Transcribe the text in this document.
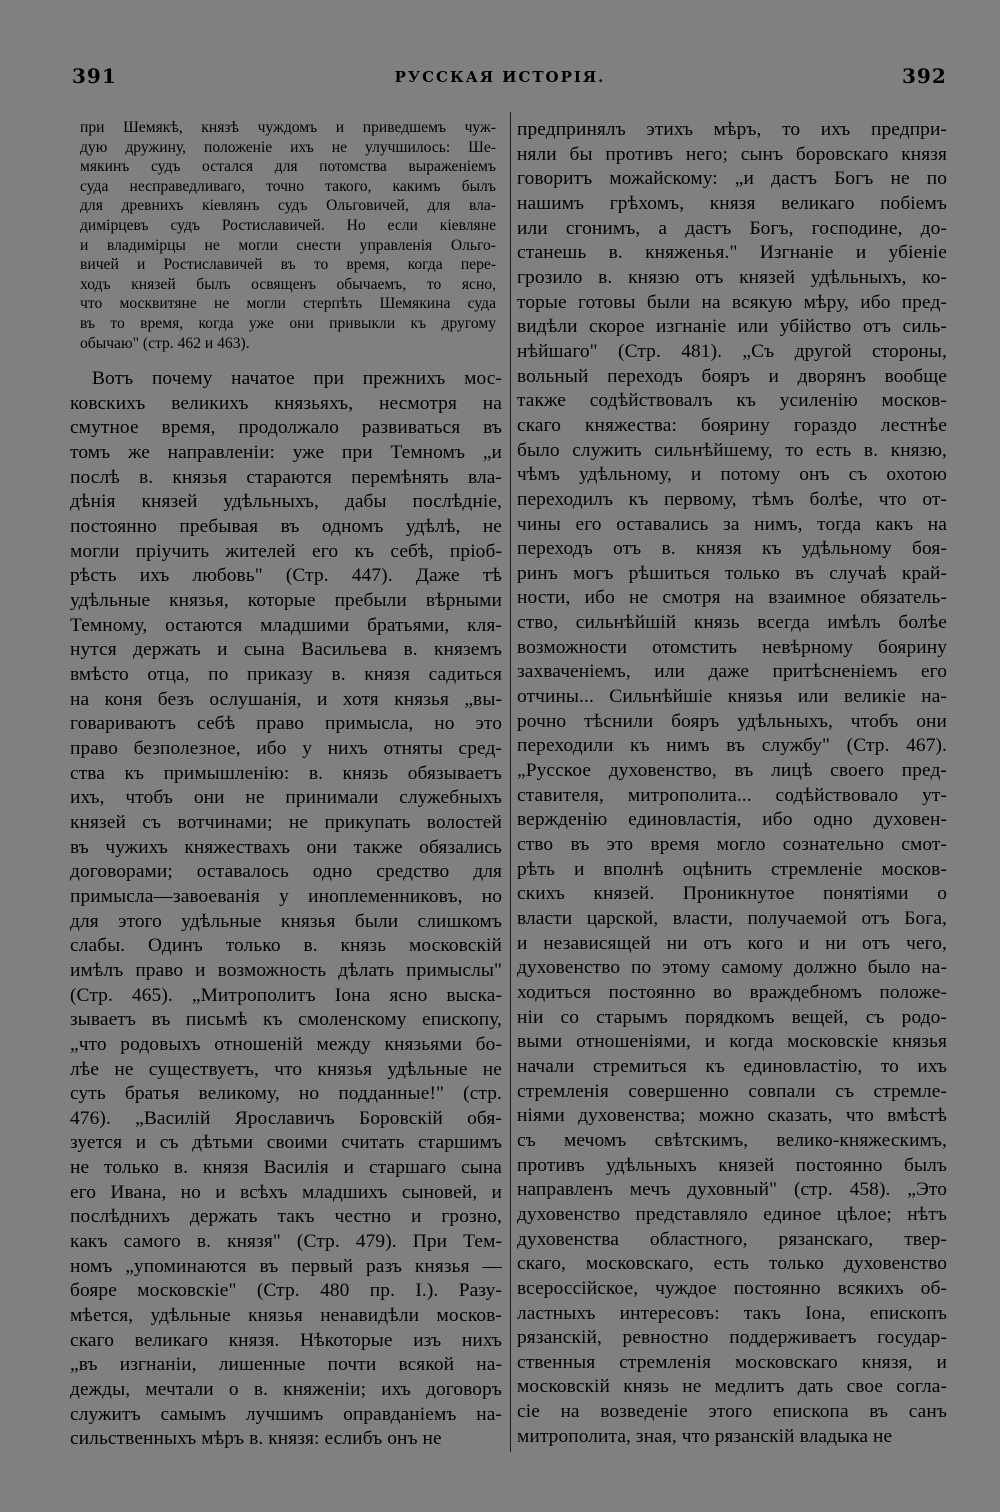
391	РУССКАЯ ИСТОРІЯ.	392
при Шемякѣ, князѣ чуждомъ и приведшемъ чуж-
дую дружину, положеніе ихъ не улучшилось: Ше-
мякинъ судъ остался для потомства выраженіемъ
суда несправедливаго, точно такого, какимъ былъ
для древнихъ кіевлянъ судъ Ольговичей, для вла-
димірцевъ судъ Ростиславичей. Но если кіевляне
и владимірцы не могли снести управленія Ольго-
вичей и Ростиславичей въ то время, когда пере-
ходъ князей былъ освященъ обычаемъ, то ясно,
что москвитяне не могли стерпѣть Шемякина суда
въ то время, когда уже они привыкли къ другому
обычаю" (стр. 462 и 463).
Вотъ почему начатое при прежнихъ мос-
ковскихъ великихъ князьяхъ, несмотря на
смутное время, продолжало развиваться въ
томъ же направленіи: уже при Темномъ „и
послѣ в. князья стараются перемѣнять вла-
дѣнія князей удѣльныхъ, дабы послѣдніе,
постоянно пребывая въ одномъ удѣлѣ, не
могли пріучить жителей его къ себѣ, пріоб-
рѣсть ихъ любовь" (Стр. 447). Даже тѣ
удѣльные князья, которые пребыли вѣрными
Темному, остаются младшими братьями, кля-
нутся держать и сына Васильева в. княземъ
вмѣсто отца, по приказу в. князя садиться
на коня безъ ослушанія, и хотя князья „вы-
говариваютъ себѣ право примысла, но это
право безполезное, ибо у нихъ отняты сред-
ства къ примышленію: в. князь обязываетъ
ихъ, чтобъ они не принимали служебныхъ
князей съ вотчинами; не прикупать волостей
въ чужихъ княжествахъ они также обязались
договорами; оставалось одно средство для
примысла—завоеванія у иноплеменниковъ, но
для этого удѣльные князья были слишкомъ
слабы. Одинъ только в. князь московскій
имѣлъ право и возможность дѣлать примыслы"
(Стр. 465). „Митрополитъ Іона ясно выска-
зываетъ въ письмѣ къ смоленскому епископу,
„что родовыхъ отношеній между князьями бо-
лѣе не существуетъ, что князья удѣльные не
суть братья великому, но подданные!" (стр.
476). „Василій Ярославичъ Боровскій обя-
зуется и съ дѣтьми своими считать старшимъ
не только в. князя Василія и старшаго сына
его Ивана, но и всѣхъ младшихъ сыновей, и
послѣднихъ держать такъ честно и грозно,
какъ самого в. князя" (Стр. 479). При Тем-
номъ „упоминаются въ первый разъ князья —
бояре московскіе" (Стр. 480 пр. I.). Разу-
мѣется, удѣльные князья ненавидѣли москов-
скаго великаго князя. Нѣкоторые изъ нихъ
„въ изгнаніи, лишенные почти всякой на-
дежды, мечтали о в. княженіи; ихъ договоръ
служитъ самымъ лучшимъ оправданіемъ на-
сильственныхъ мѣръ в. князя: еслибъ онъ не
предпринялъ этихъ мѣръ, то ихъ предпри-
няли бы противъ него; сынъ боровскаго князя
говоритъ можайскому: „и дастъ Богъ не по
нашимъ грѣхомъ, князя великаго побіемъ
или сгонимъ, а дастъ Богъ, господине, до-
станешь в. княженья." Изгнаніе и убіеніе
грозило в. князю отъ князей удѣльныхъ, ко-
торые готовы были на всякую мѣру, ибо пред-
видѣли скорое изгнаніе или убійство отъ силь-
нѣйшаго" (Стр. 481). „Съ другой стороны,
вольный переходъ бояръ и дворянъ вообще
также содѣйствовалъ къ усиленію москов-
скаго княжества: боярину гораздо лестнѣе
было служить сильнѣйшему, то есть в. князю,
чѣмъ удѣльному, и потому онъ съ охотою
переходилъ къ первому, тѣмъ болѣе, что от-
чины его оставались за нимъ, тогда какъ на
переходъ отъ в. князя къ удѣльному боя-
ринъ могъ рѣшиться только въ случаѣ край-
ности, ибо не смотря на взаимное обязатель-
ство, сильнѣйшій князь всегда имѣлъ болѣе
возможности отомстить невѣрному боярину
захваченіемъ, или даже притѣсненіемъ его
отчины... Сильнѣйшіе князья или великіе на-
рочно тѣснили бояръ удѣльныхъ, чтобъ они
переходили къ нимъ въ службу" (Стр. 467).
„Русское духовенство, въ лицѣ своего пред-
ставителя, митрополита... содѣйствовало ут-
вержденію единовластія, ибо одно духовен-
ство въ это время могло сознательно смот-
рѣть и вполнѣ оцѣнить стремленіе москов-
скихъ князей. Проникнутое понятіями о
власти царской, власти, получаемой отъ Бога,
и независящей ни отъ кого и ни отъ чего,
духовенство по этому самому должно было на-
ходиться постоянно во враждебномъ положе-
ніи со старымъ порядкомъ вещей, съ родо-
выми отношеніями, и когда московскіе князья
начали стремиться къ единовластію, то ихъ
стремленія совершенно совпали съ стремле-
ніями духовенства; можно сказать, что вмѣстѣ
съ мечомъ свѣтскимъ, велико-княжескимъ,
противъ удѣльныхъ князей постоянно былъ
направленъ мечъ духовный" (стр. 458). „Это
духовенство представляло единое цѣлое; нѣтъ
духовенства областного, рязанскаго, твер-
скаго, московскаго, есть только духовенство
всероссійское, чуждое постоянно всякихъ об-
ластныхъ интересовъ: такъ Іона, епископъ
рязанскій, ревностно поддерживаетъ государ-
ственныя стремленія московскаго князя, и
московскій князь не медлитъ дать свое согла-
сіе на возведеніе этого епископа въ санъ
митрополита, зная, что рязанскій владыка не
